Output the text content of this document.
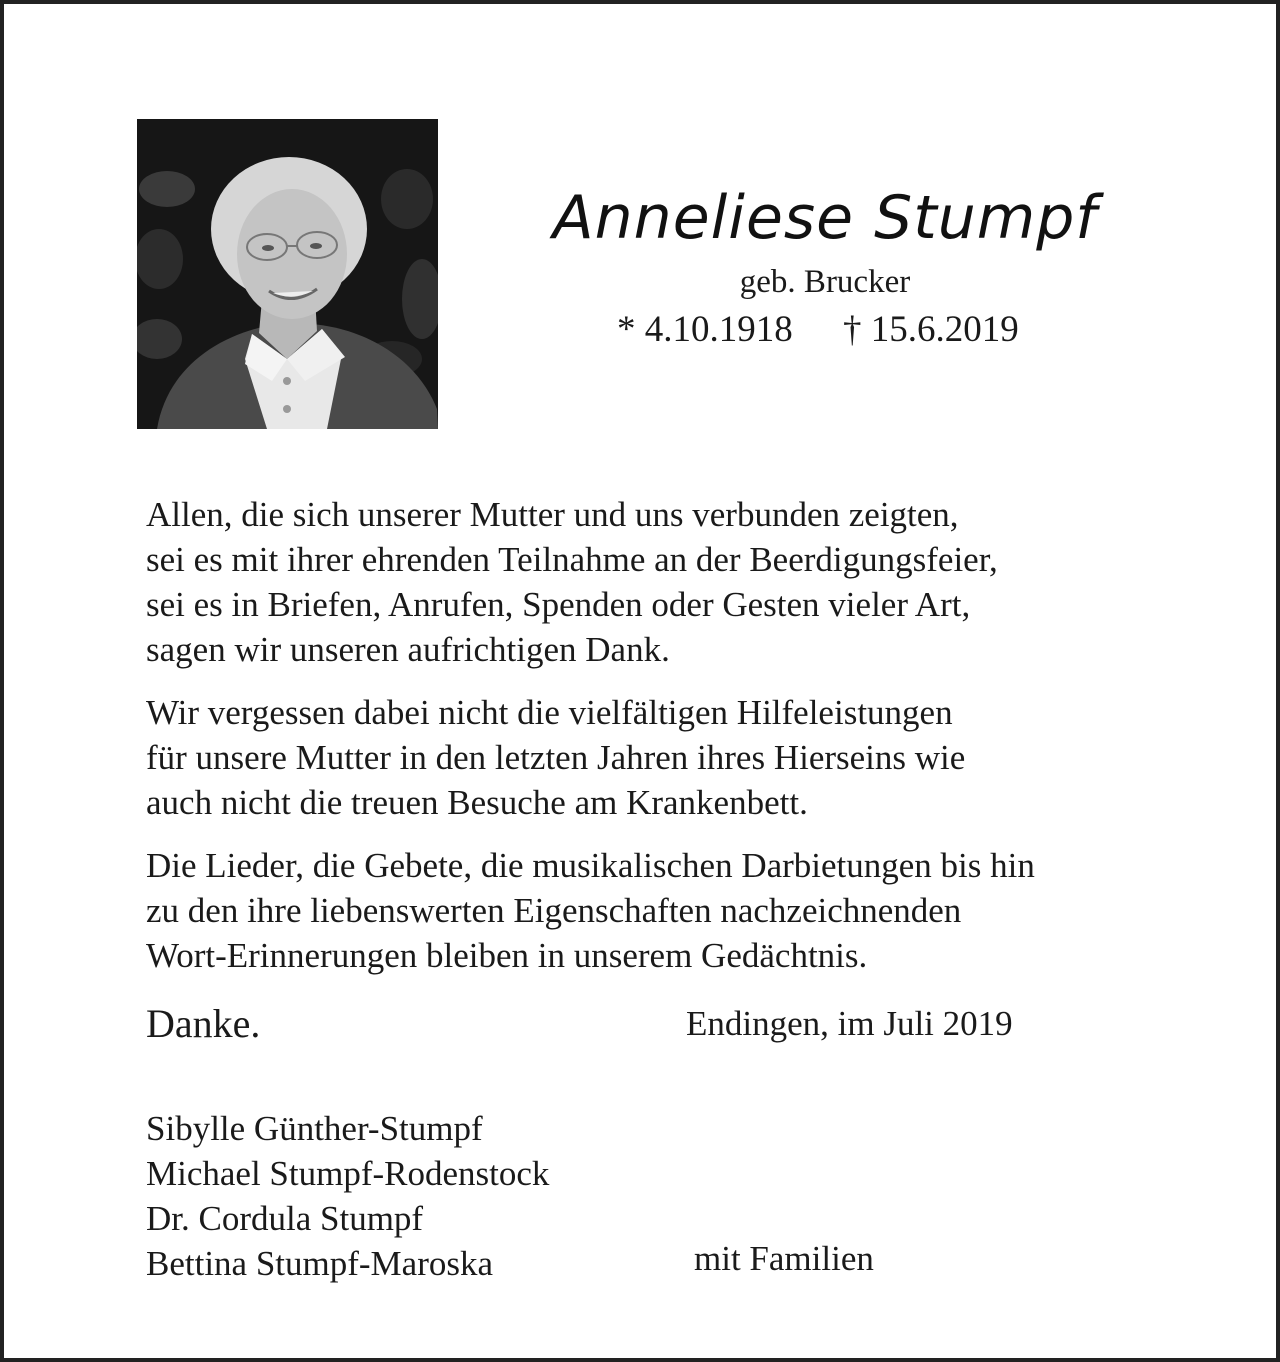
Anneliese Stumpf
geb. Brucker
* 4.10.1918 † 15.6.2019
Allen, die sich unserer Mutter und uns verbunden zeigten,
sei es mit ihrer ehrenden Teilnahme an der Beerdigungsfeier,
sei es in Briefen, Anrufen, Spenden oder Gesten vieler Art,
sagen wir unseren aufrichtigen Dank.
Wir vergessen dabei nicht die vielfältigen Hilfeleistungen
für unsere Mutter in den letzten Jahren ihres Hierseins wie
auch nicht die treuen Besuche am Krankenbett.
Die Lieder, die Gebete, die musikalischen Darbietungen bis hin
zu den ihre liebenswerten Eigenschaften nachzeichnenden
Wort-Erinnerungen bleiben in unserem Gedächtnis.
Danke.	Endingen, im Juli 2019
Sibylle Günther-Stumpf
Michael Stumpf-Rodenstock
Dr. Cordula Stumpf
Bettina Stumpf-Maroska	mit Familien
